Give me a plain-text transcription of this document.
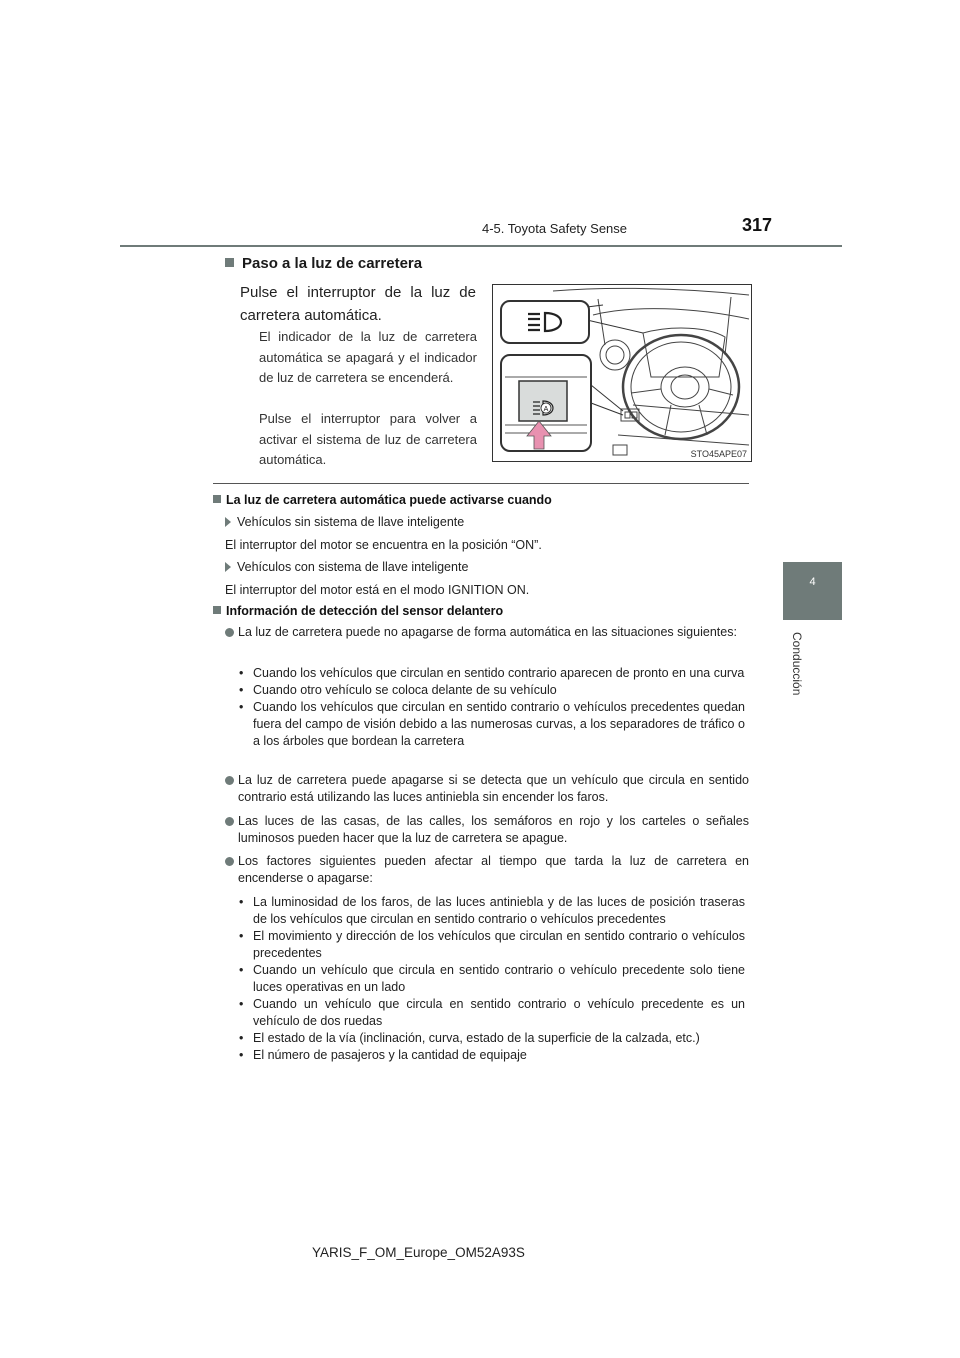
4-5. Toyota Safety Sense	317
4
Conducción
Paso a la luz de carretera
Pulse el interruptor de la luz de carretera automática.
El indicador de la luz de carretera automática se apagará y el indicador de luz de carretera se encenderá.
Pulse el interruptor para volver a activar el sistema de luz de carretera automática.
A
STO45APE07
La luz de carretera automática puede activarse cuando
Vehículos sin sistema de llave inteligente
El interruptor del motor se encuentra en la posición “ON”.
Vehículos con sistema de llave inteligente
El interruptor del motor está en el modo IGNITION ON.
Información de detección del sensor delantero
La luz de carretera puede no apagarse de forma automática en las situaciones siguientes:
• Cuando los vehículos que circulan en sentido contrario aparecen de pronto en una curva
• Cuando otro vehículo se coloca delante de su vehículo
• Cuando los vehículos que circulan en sentido contrario o vehículos precedentes quedan fuera del campo de visión debido a las numerosas curvas, a los separadores de tráfico o a los árboles que bordean la carretera
La luz de carretera puede apagarse si se detecta que un vehículo que circula en sentido contrario está utilizando las luces antiniebla sin encender los faros.
Las luces de las casas, de las calles, los semáforos en rojo y los carteles o señales luminosos pueden hacer que la luz de carretera se apague.
Los factores siguientes pueden afectar al tiempo que tarda la luz de carretera en encenderse o apagarse:
• La luminosidad de los faros, de las luces antiniebla y de las luces de posición traseras de los vehículos que circulan en sentido contrario o vehículos precedentes
• El movimiento y dirección de los vehículos que circulan en sentido contrario o vehículos precedentes
• Cuando un vehículo que circula en sentido contrario o vehículo precedente solo tiene luces operativas en un lado
• Cuando un vehículo que circula en sentido contrario o vehículo precedente es un vehículo de dos ruedas
• El estado de la vía (inclinación, curva, estado de la superficie de la calzada, etc.)
• El número de pasajeros y la cantidad de equipaje
YARIS_F_OM_Europe_OM52A93S
